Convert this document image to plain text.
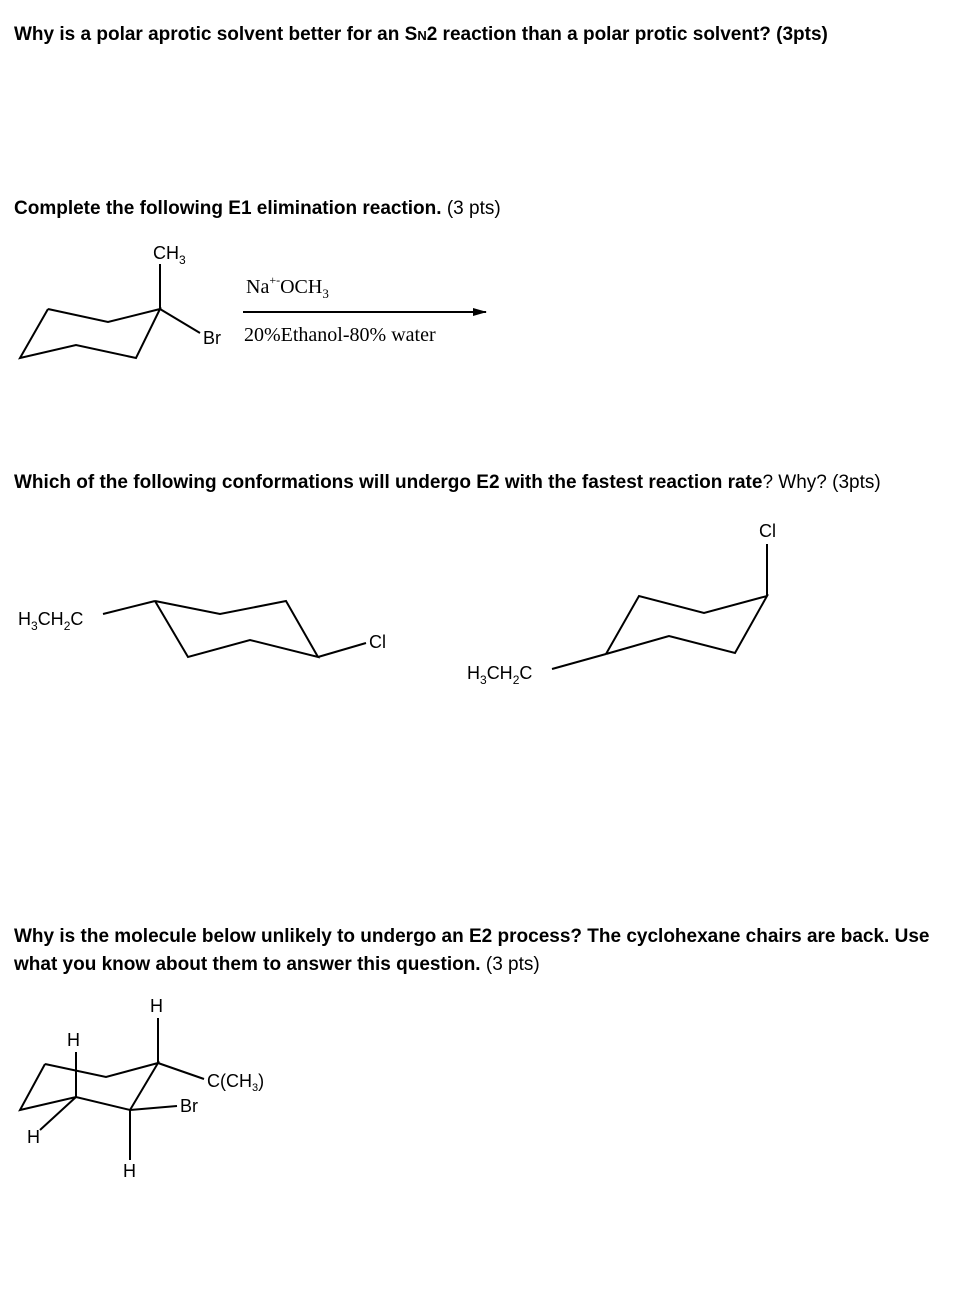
Why is a polar aprotic solvent better for an SN2 reaction than a polar protic solvent? (3pts)

Complete the following E1 elimination reaction. (3 pts)

Which of the following conformations will undergo E2 with the fastest reaction rate? Why? (3pts)

Why is the molecule below unlikely to undergo an E2 process? The cyclohexane chairs are back. Use what you know about them to answer this question. (3 pts)

$CH_3$
Br
$Na^{+-}OCH_3$
20%Ethanol-80% water
$H_3CH_2C$
Cl
$H_3CH_2C$
Cl
H
H
H
H
$C(CH_3)$
Br
